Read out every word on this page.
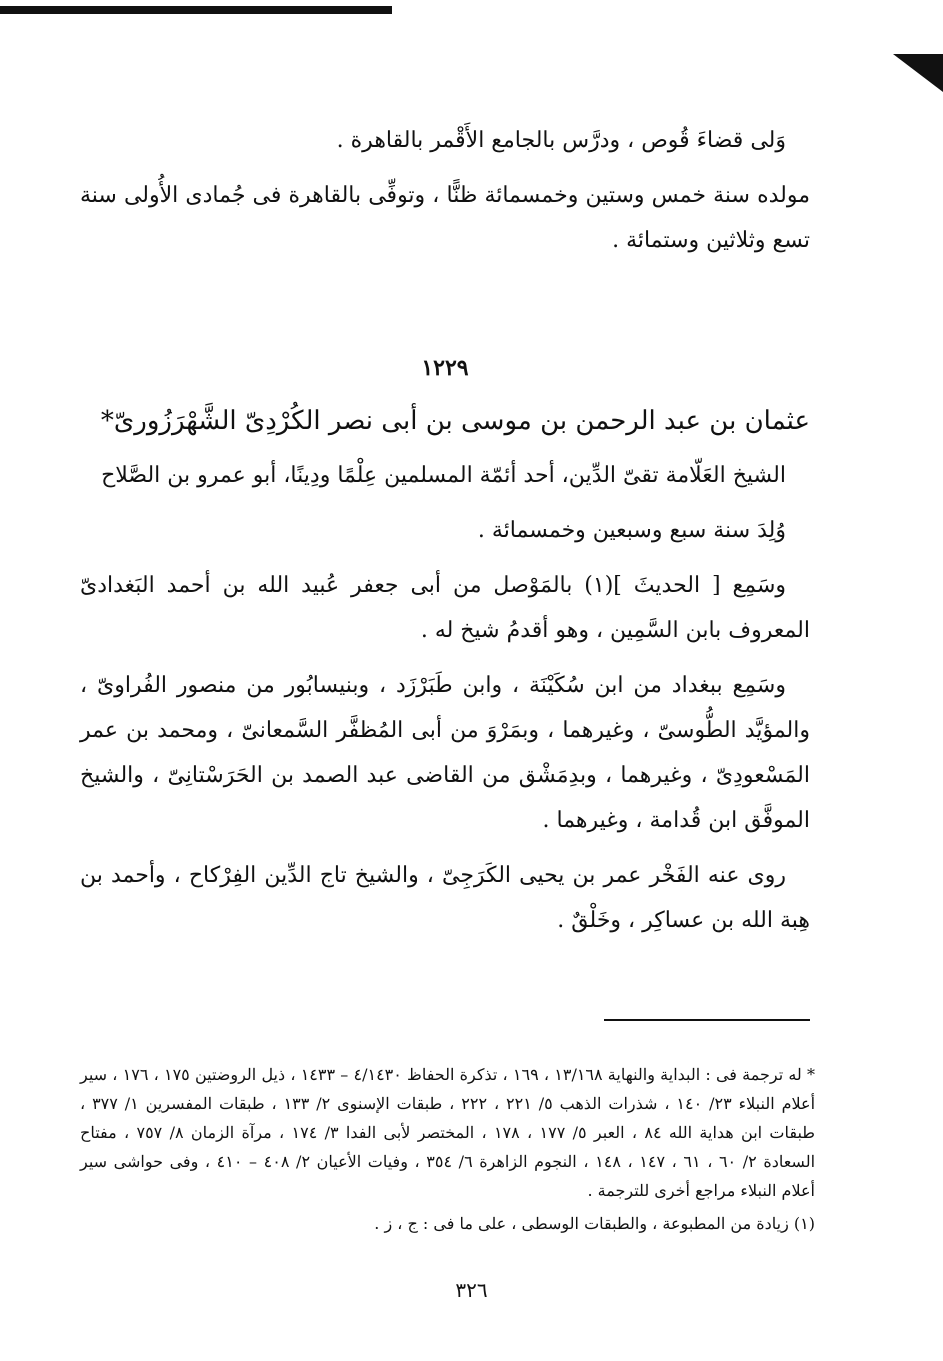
وَلى قضاءَ قُوص ، ودرَّس بالجامع الأَقْمر بالقاهرة .

مولده سنة خمس وستين وخمسمائة ظنًّا ، وتوفِّى بالقاهرة فى جُمادى الأُولى سنة تسع وثلاثين وستمائة .

١٢٢٩
عثمان بن عبد الرحمن بن موسى بن أبى نصر الكُرْدِىّ الشَّهْرَزُورىّ*

الشيخ العَلّامة تقىّ الدِّين، أحد أئمّة المسلمين عِلْمًا ودِينًا، أبو عمرو بن الصَّلاح

وُلِدَ سنة سبع وسبعين وخمسمائة .

وسَمِع [ الحديثَ ](١) بالمَوْصل من أبى جعفر عُبيد الله بن أحمد البَغدادىّ المعروف بابن السَّمِين ، وهو أقدمُ شيخ له .

وسَمِع ببغداد من ابن سُكَيْنَة ، وابن طَبَرْزَد ، وبنيسابُور من منصور الفُراوىّ ، والمؤيَّد الطُّوسىّ ، وغيرهما ، وبمَرْوَ من أبى المُظفَّر السَّمعانىّ ، ومحمد بن عمر المَسْعودِىّ ، وغيرهما ، وبدِمَشْق من القاضى عبد الصمد بن الحَرَسْتانِىّ ، والشيخ الموفَّق ابن قُدامة ، وغيرهما .

روى عنه الفَخْر عمر بن يحيى الكَرَجِىّ ، والشيخ تاج الدِّين الفِرْكاح ، وأحمد بن هِبة الله بن عساكِر ، وخَلْقٌ .

* له ترجمة فى : البداية والنهاية ١٣/١٦٨ ، ١٦٩ ، تذكرة الحفاظ ٤/١٤٣٠ – ١٤٣٣ ، ذيل الروضتين ١٧٥ ، ١٧٦ ، سير أعلام النبلاء ٢٣/ ١٤٠ ، شذرات الذهب ٥/ ٢٢١ ، ٢٢٢ ، طبقات الإسنوى ٢/ ١٣٣ ، طبقات المفسرين ١/ ٣٧٧ ، طبقات ابن هداية الله ٨٤ ، العبر ٥/ ١٧٧ ، ١٧٨ ، المختصر لأبى الفدا ٣/ ١٧٤ ، مرآة الزمان ٨/ ٧٥٧ ، مفتاح السعادة ٢/ ٦٠ ، ٦١ ، ١٤٧ ، ١٤٨ ، النجوم الزاهرة ٦/ ٣٥٤ ، وفيات الأعيان ٢/ ٤٠٨ – ٤١٠ ، وفى حواشى سير أعلام النبلاء مراجع أخرى للترجمة .

(١) زيادة من المطبوعة ، والطبقات الوسطى ، على ما فى : ج ، ز .

٣٢٦
